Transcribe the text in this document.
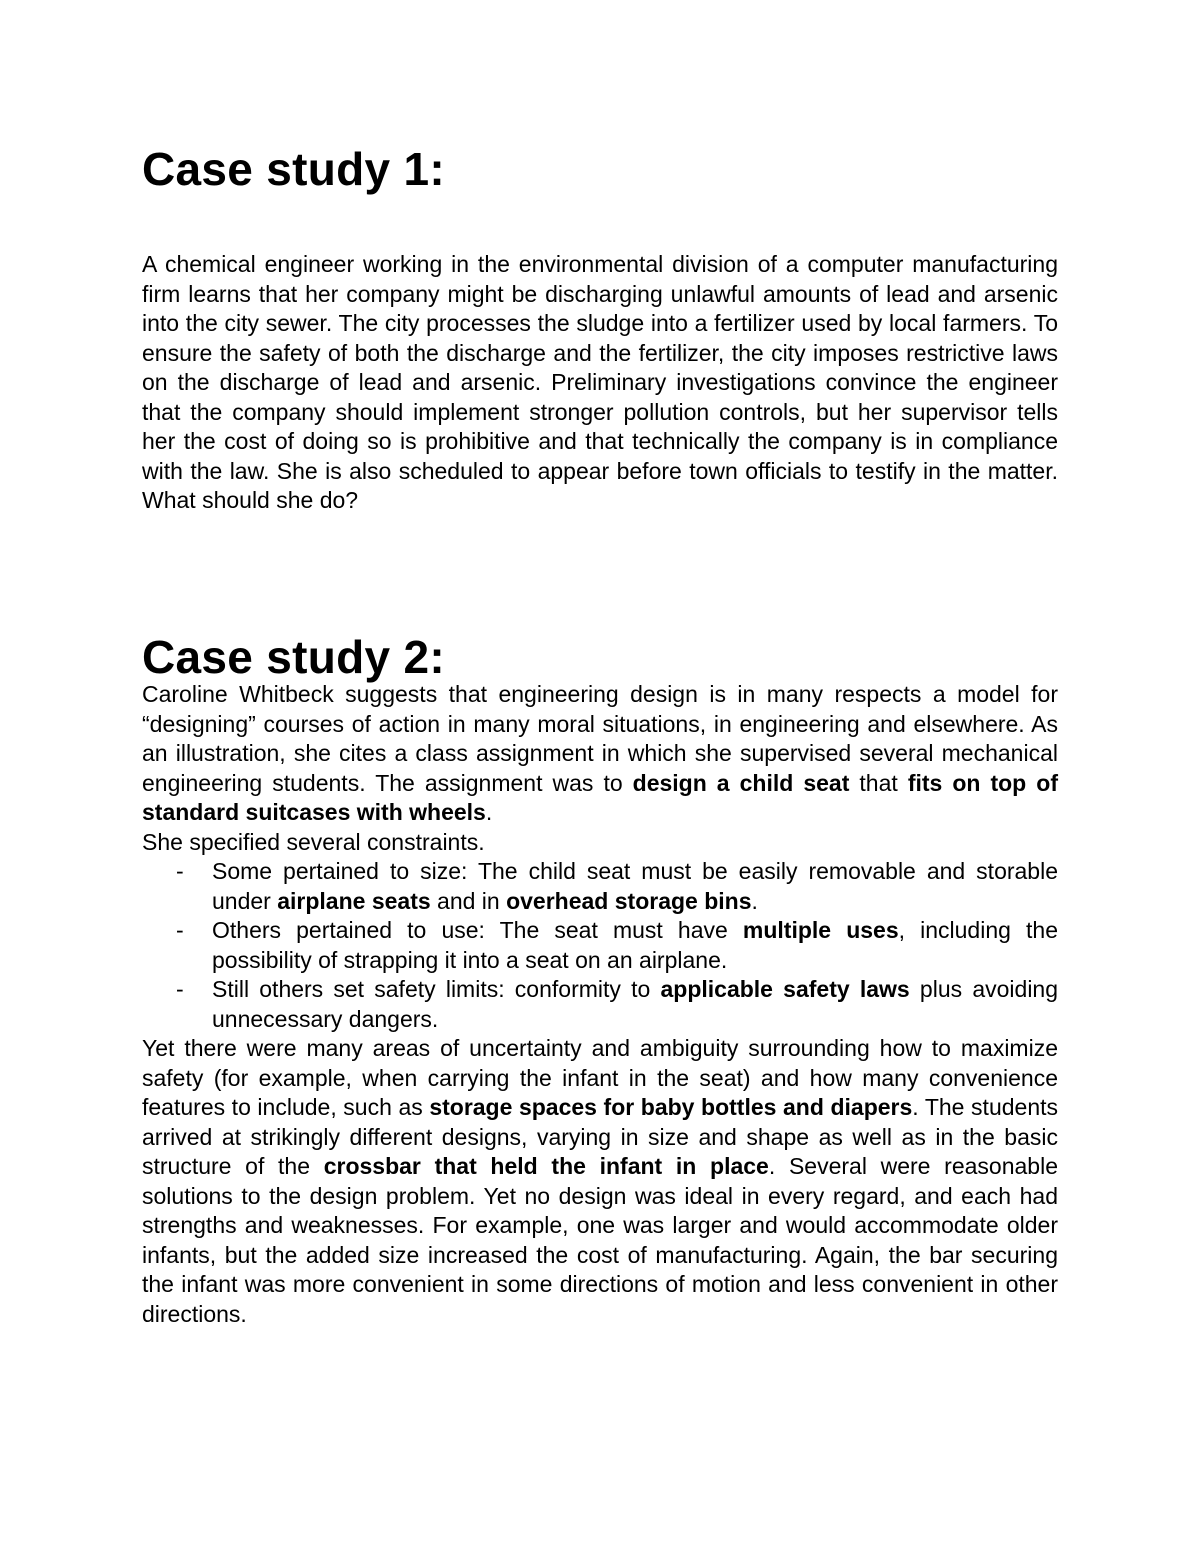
Case study 1:

A chemical engineer working in the environmental division of a computer manufacturing firm learns that her company might be discharging unlawful amounts of lead and arsenic into the city sewer. The city processes the sludge into a fertilizer used by local farmers. To ensure the safety of both the discharge and the fertilizer, the city imposes restrictive laws on the discharge of lead and arsenic. Preliminary investigations convince the engineer that the company should implement stronger pollution controls, but her supervisor tells her the cost of doing so is prohibitive and that technically the company is in compliance with the law. She is also scheduled to appear before town officials to testify in the matter. What should she do?

Case study 2:

Caroline Whitbeck suggests that engineering design is in many respects a model for “designing” courses of action in many moral situations, in engineering and elsewhere. As an illustration, she cites a class assignment in which she supervised several mechanical engineering students. The assignment was to design a child seat that fits on top of standard suitcases with wheels.

She specified several constraints.

- Some pertained to size: The child seat must be easily removable and storable under airplane seats and in overhead storage bins.
- Others pertained to use: The seat must have multiple uses, including the possibility of strapping it into a seat on an airplane.
- Still others set safety limits: conformity to applicable safety laws plus avoiding unnecessary dangers.

Yet there were many areas of uncertainty and ambiguity surrounding how to maximize safety (for example, when carrying the infant in the seat) and how many convenience features to include, such as storage spaces for baby bottles and diapers. The students arrived at strikingly different designs, varying in size and shape as well as in the basic structure of the crossbar that held the infant in place. Several were reasonable solutions to the design problem. Yet no design was ideal in every regard, and each had strengths and weaknesses. For example, one was larger and would accommodate older infants, but the added size increased the cost of manufacturing. Again, the bar securing the infant was more convenient in some directions of motion and less convenient in other directions.
